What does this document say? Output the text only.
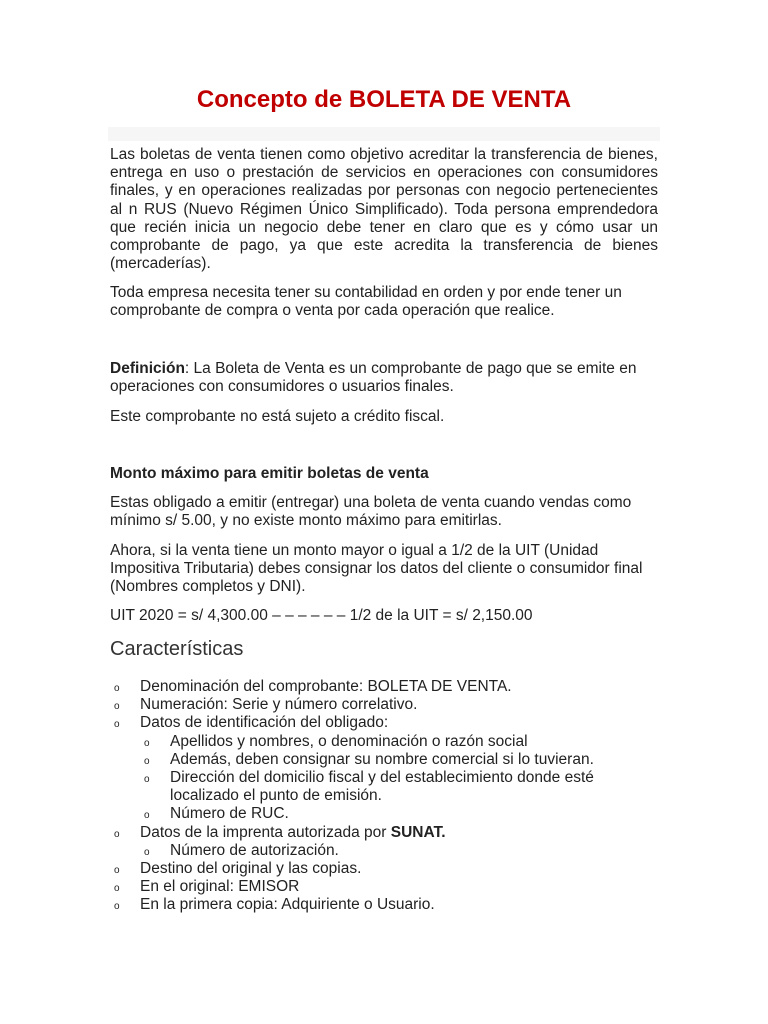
Concepto de BOLETA DE VENTA

Las boletas de venta tienen como objetivo acreditar la transferencia de bienes, entrega en uso o prestación de servicios en operaciones con consumidores finales, y en operaciones realizadas por personas con negocio pertenecientes al n RUS (Nuevo Régimen Único Simplificado). Toda persona emprendedora que recién inicia un negocio debe tener en claro que es y cómo usar un comprobante de pago, ya que este acredita la transferencia de bienes (mercaderías).

Toda empresa necesita tener su contabilidad en orden y por ende tener un comprobante de compra o venta por cada operación que realice.

Definición: La Boleta de Venta es un comprobante de pago que se emite en operaciones con consumidores o usuarios finales.

Este comprobante no está sujeto a crédito fiscal.

Monto máximo para emitir boletas de venta

Estas obligado a emitir (entregar) una boleta de venta cuando vendas como mínimo s/ 5.00, y no existe monto máximo para emitirlas.

Ahora, si la venta tiene un monto mayor o igual a 1/2 de la UIT (Unidad Impositiva Tributaria) debes consignar los datos del cliente o consumidor final (Nombres completos y DNI).

UIT 2020 = s/ 4,300.00 – – – – – – 1/2 de la UIT = s/ 2,150.00

Características
o Denominación del comprobante: BOLETA DE VENTA.
o Numeración: Serie y número correlativo.
o Datos de identificación del obligado:
o Apellidos y nombres, o denominación o razón social
o Además, deben consignar su nombre comercial si lo tuvieran.
o Dirección del domicilio fiscal y del establecimiento donde esté localizado el punto de emisión.
o Número de RUC.
o Datos de la imprenta autorizada por SUNAT.
o Número de autorización.
o Destino del original y las copias.
o En el original: EMISOR
o En la primera copia: Adquiriente o Usuario.
